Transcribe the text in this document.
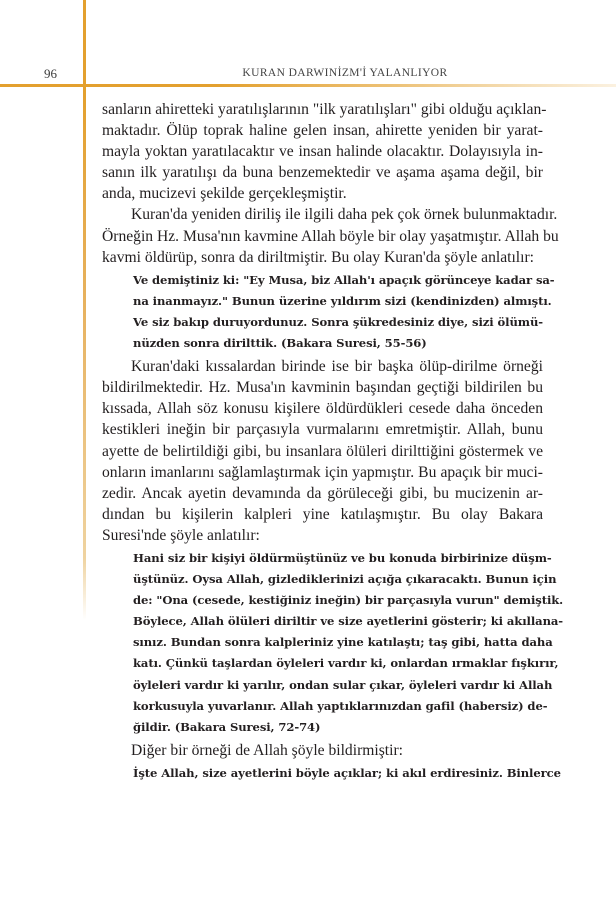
96	KURAN DARWINİZM'İ YALANLIYOR
sanların ahiretteki yaratılışlarının "ilk yaratılışları" gibi olduğu açıklan-
maktadır. Ölüp toprak haline gelen insan, ahirette yeniden bir yarat-
mayla yoktan yaratılacaktır ve insan halinde olacaktır. Dolayısıyla in-
sanın ilk yaratılışı da buna benzemektedir ve aşama aşama değil, bir
anda, mucizevi şekilde gerçekleşmiştir.
Kuran'da yeniden diriliş ile ilgili daha pek çok örnek bulunmaktadır.
Örneğin Hz. Musa'nın kavmine Allah böyle bir olay yaşatmıştır. Allah bu
kavmi öldürüp, sonra da diriltmiştir. Bu olay Kuran'da şöyle anlatılır:
Ve demiştiniz ki: "Ey Musa, biz Allah'ı apaçık görünceye kadar sa-
na inanmayız." Bunun üzerine yıldırım sizi (kendinizden) almıştı.
Ve siz bakıp duruyordunuz. Sonra şükredesiniz diye, sizi ölümü-
nüzden sonra dirilttik. (Bakara Suresi, 55-56)
Kuran'daki kıssalardan birinde ise bir başka ölüp-dirilme örneği
bildirilmektedir. Hz. Musa'ın kavminin başından geçtiği bildirilen bu
kıssada, Allah söz konusu kişilere öldürdükleri cesede daha önceden
kestikleri ineğin bir parçasıyla vurmalarını emretmiştir. Allah, bunu
ayette de belirtildiği gibi, bu insanlara ölüleri dirilttiğini göstermek ve
onların imanlarını sağlamlaştırmak için yapmıştır. Bu apaçık bir muci-
zedir. Ancak ayetin devamında da görüleceği gibi, bu mucizenin ar-
dından bu kişilerin kalpleri yine katılaşmıştır. Bu olay Bakara
Suresi'nde şöyle anlatılır:
Hani siz bir kişiyi öldürmüştünüz ve bu konuda birbirinize düşm-
üştünüz. Oysa Allah, gizlediklerinizi açığa çıkaracaktı. Bunun için
de: "Ona (cesede, kestiğiniz ineğin) bir parçasıyla vurun" demiştik.
Böylece, Allah ölüleri diriltir ve size ayetlerini gösterir; ki akıllana-
sınız. Bundan sonra kalpleriniz yine katılaştı; taş gibi, hatta daha
katı. Çünkü taşlardan öyleleri vardır ki, onlardan ırmaklar fışkırır,
öyleleri vardır ki yarılır, ondan sular çıkar, öyleleri vardır ki Allah
korkusuyla yuvarlanır. Allah yaptıklarınızdan gafil (habersiz) de-
ğildir. (Bakara Suresi, 72-74)
Diğer bir örneği de Allah şöyle bildirmiştir:
İşte Allah, size ayetlerini böyle açıklar; ki akıl erdiresiniz. Binlerce
